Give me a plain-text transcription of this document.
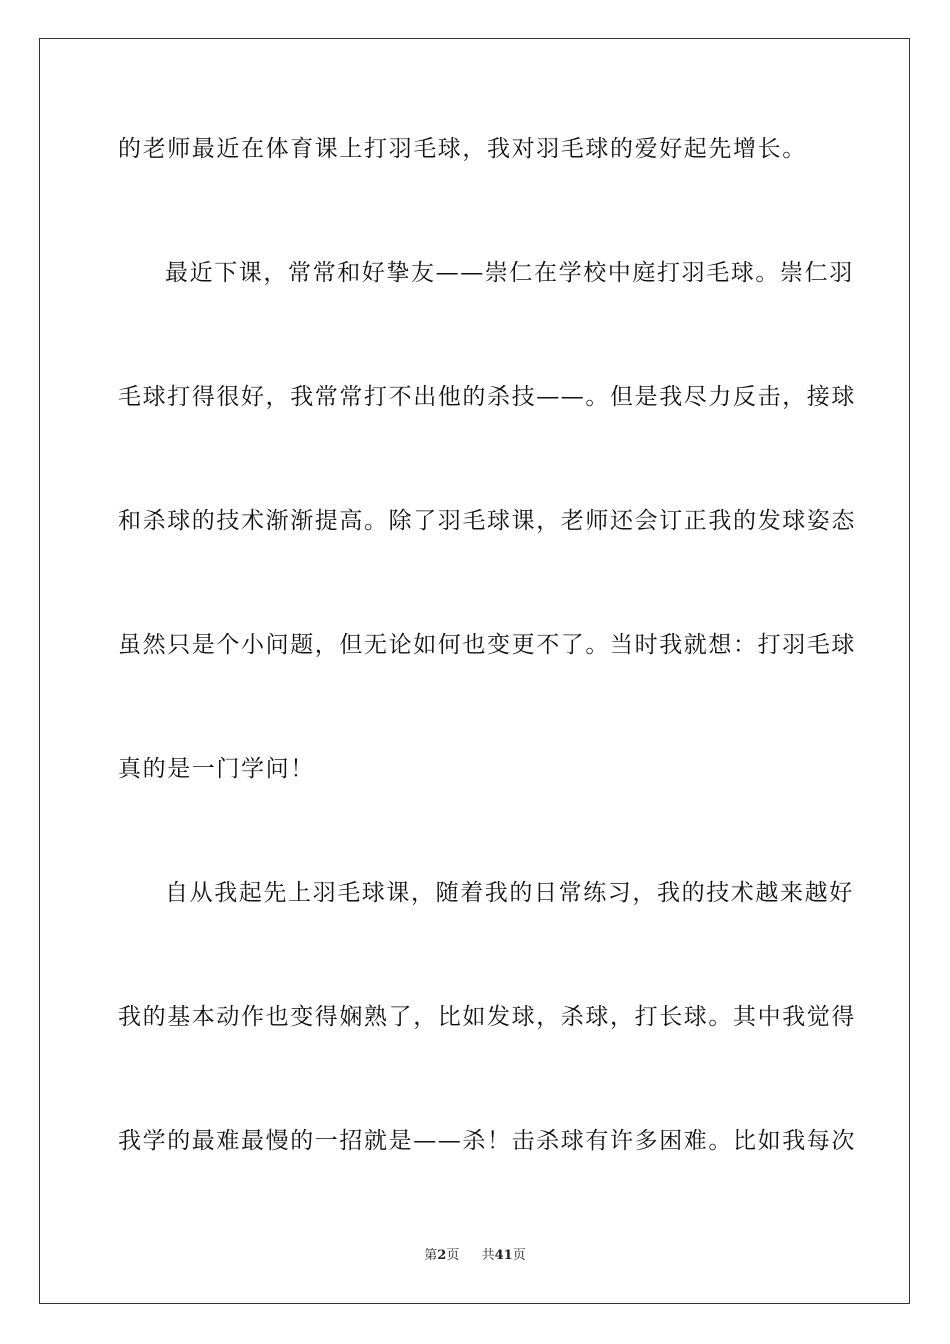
的老师最近在体育课上打羽毛球，我对羽毛球的爱好起先增长。
最近下课，常常和好挚友——崇仁在学校中庭打羽毛球。崇仁羽
毛球打得很好，我常常打不出他的杀技——。但是我尽力反击，接球
和杀球的技术渐渐提高。除了羽毛球课，老师还会订正我的发球姿态
虽然只是个小问题，但无论如何也变更不了。当时我就想：打羽毛球
真的是一门学问！
自从我起先上羽毛球课，随着我的日常练习，我的技术越来越好
我的基本动作也变得娴熟了，比如发球，杀球，打长球。其中我觉得
我学的最难最慢的一招就是——杀！击杀球有许多困难。比如我每次
第2页 共41页
